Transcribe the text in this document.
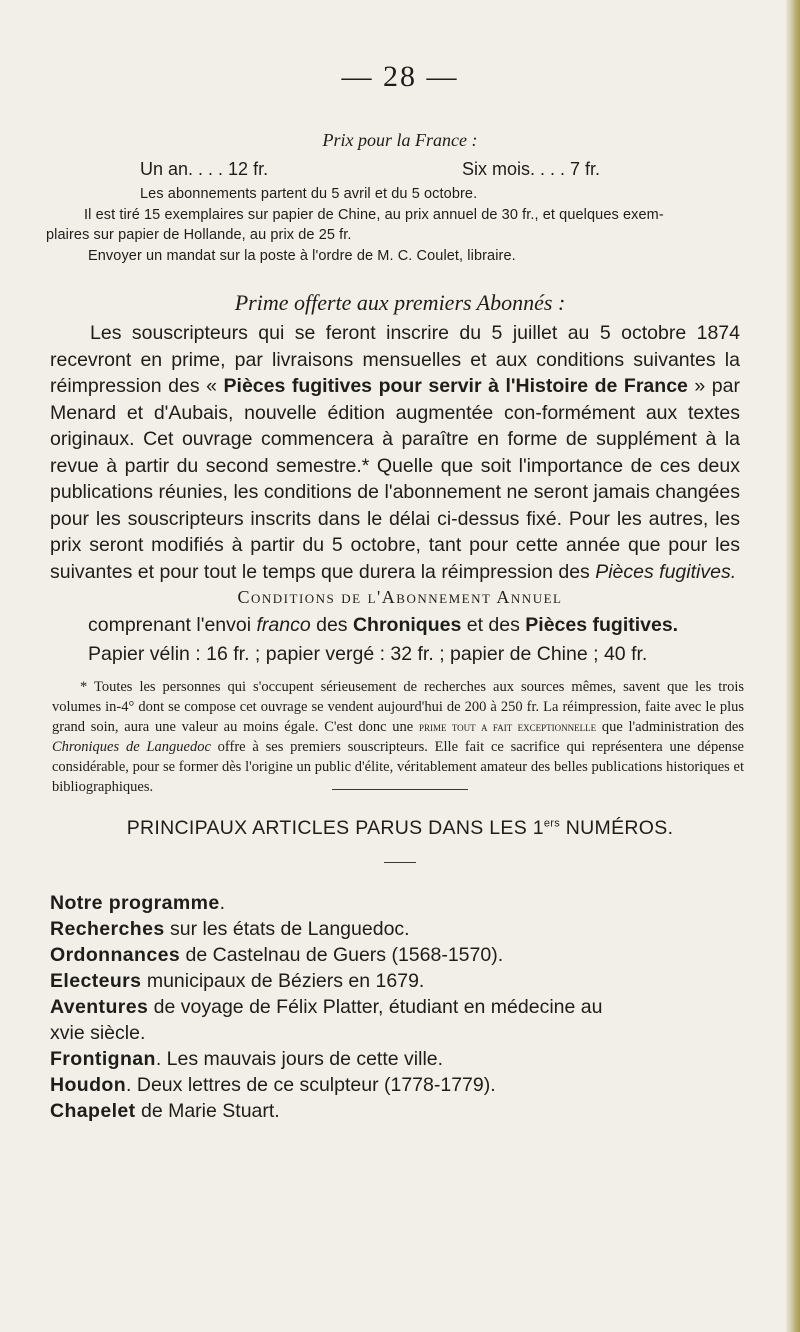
— 28 —
Prix pour la France :
Un an. . . . 12 fr.	Six mois. . . . 7 fr.
Les abonnements partent du 5 avril et du 5 octobre.
Il est tiré 15 exemplaires sur papier de Chine, au prix annuel de 30 fr., et quelques exem-
plaires sur papier de Hollande, au prix de 25 fr.
Envoyer un mandat sur la poste à l'ordre de M. C. Coulet, libraire.
Prime offerte aux premiers Abonnés :
Les souscripteurs qui se feront inscrire du 5 juillet au 5 octobre 1874 recevront en prime, par livraisons mensuelles et aux conditions suivantes la réimpression des « Pièces fugitives pour servir à l'Histoire de France » par Menard et d'Aubais, nouvelle édition augmentée con-formément aux textes originaux. Cet ouvrage commencera à paraître en forme de supplément à la revue à partir du second semestre.* Quelle que soit l'importance de ces deux publications réunies, les conditions de l'abonnement ne seront jamais changées pour les souscripteurs inscrits dans le délai ci-dessus fixé. Pour les autres, les prix seront modifiés à partir du 5 octobre, tant pour cette année que pour les suivantes et pour tout le temps que durera la réimpression des Pièces fugitives.
Conditions de l'Abonnement Annuel
comprenant l'envoi franco des Chroniques et des Pièces fugitives.
Papier vélin : 16 fr. ; papier vergé : 32 fr. ; papier de Chine ; 40 fr.
* Toutes les personnes qui s'occupent sérieusement de recherches aux sources mêmes, savent que les trois volumes in-4° dont se compose cet ouvrage se vendent aujourd'hui de 200 à 250 fr. La réimpression, faite avec le plus grand soin, aura une valeur au moins égale. C'est donc une prime tout a fait exceptionnelle que l'administration des Chroniques de Languedoc offre à ses premiers souscripteurs. Elle fait ce sacrifice qui représentera une dépense considérable, pour se former dès l'origine un public d'élite, véritablement amateur des belles publications historiques et bibliographiques.
PRINCIPAUX ARTICLES PARUS DANS LES 1ers NUMÉROS.
Notre programme.
Recherches sur les états de Languedoc.
Ordonnances de Castelnau de Guers (1568-1570).
Electeurs municipaux de Béziers en 1679.
Aventures de voyage de Félix Platter, étudiant en médecine au
xvie siècle.
Frontignan. Les mauvais jours de cette ville.
Houdon. Deux lettres de ce sculpteur (1778-1779).
Chapelet de Marie Stuart.
